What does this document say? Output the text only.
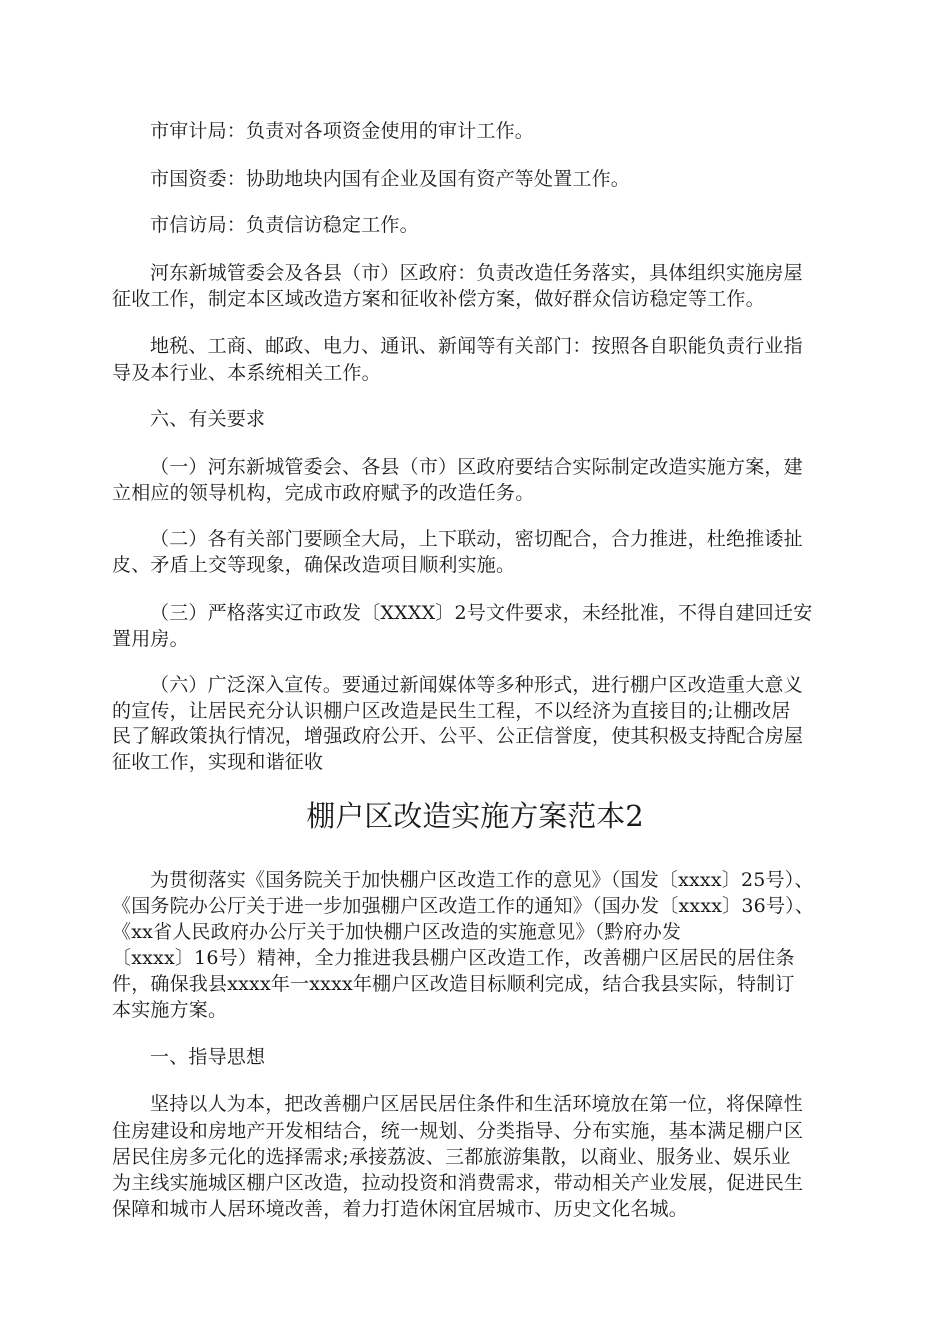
市审计局：负责对各项资金使用的审计工作。
市国资委：协助地块内国有企业及国有资产等处置工作。
市信访局：负责信访稳定工作。
河东新城管委会及各县（市）区政府：负责改造任务落实，具体组织实施房屋
征收工作，制定本区域改造方案和征收补偿方案，做好群众信访稳定等工作。
地税、工商、邮政、电力、通讯、新闻等有关部门：按照各自职能负责行业指
导及本行业、本系统相关工作。
六、有关要求
（一）河东新城管委会、各县（市）区政府要结合实际制定改造实施方案，建
立相应的领导机构，完成市政府赋予的改造任务。
（二）各有关部门要顾全大局，上下联动，密切配合，合力推进，杜绝推诿扯
皮、矛盾上交等现象，确保改造项目顺利实施。
（三）严格落实辽市政发〔XXXX〕2号文件要求，未经批准，不得自建回迁安
置用房。
（六）广泛深入宣传。要通过新闻媒体等多种形式，进行棚户区改造重大意义
的宣传，让居民充分认识棚户区改造是民生工程，不以经济为直接目的;让棚改居
民了解政策执行情况，增强政府公开、公平、公正信誉度，使其积极支持配合房屋
征收工作，实现和谐征收
棚户区改造实施方案范本2
为贯彻落实《国务院关于加快棚户区改造工作的意见》（国发〔xxxx〕25号）、
《国务院办公厅关于进一步加强棚户区改造工作的通知》（国办发〔xxxx〕36号）、
《xx省人民政府办公厅关于加快棚户区改造的实施意见》（黔府办发
〔xxxx〕16号）精神，全力推进我县棚户区改造工作，改善棚户区居民的居住条
件，确保我县xxxx年一xxxx年棚户区改造目标顺利完成，结合我县实际，特制订
本实施方案。
一、指导思想
坚持以人为本，把改善棚户区居民居住条件和生活环境放在第一位，将保障性
住房建设和房地产开发相结合，统一规划、分类指导、分布实施，基本满足棚户区
居民住房多元化的选择需求;承接荔波、三都旅游集散，以商业、服务业、娱乐业
为主线实施城区棚户区改造，拉动投资和消费需求，带动相关产业发展，促进民生
保障和城市人居环境改善，着力打造休闲宜居城市、历史文化名城。
